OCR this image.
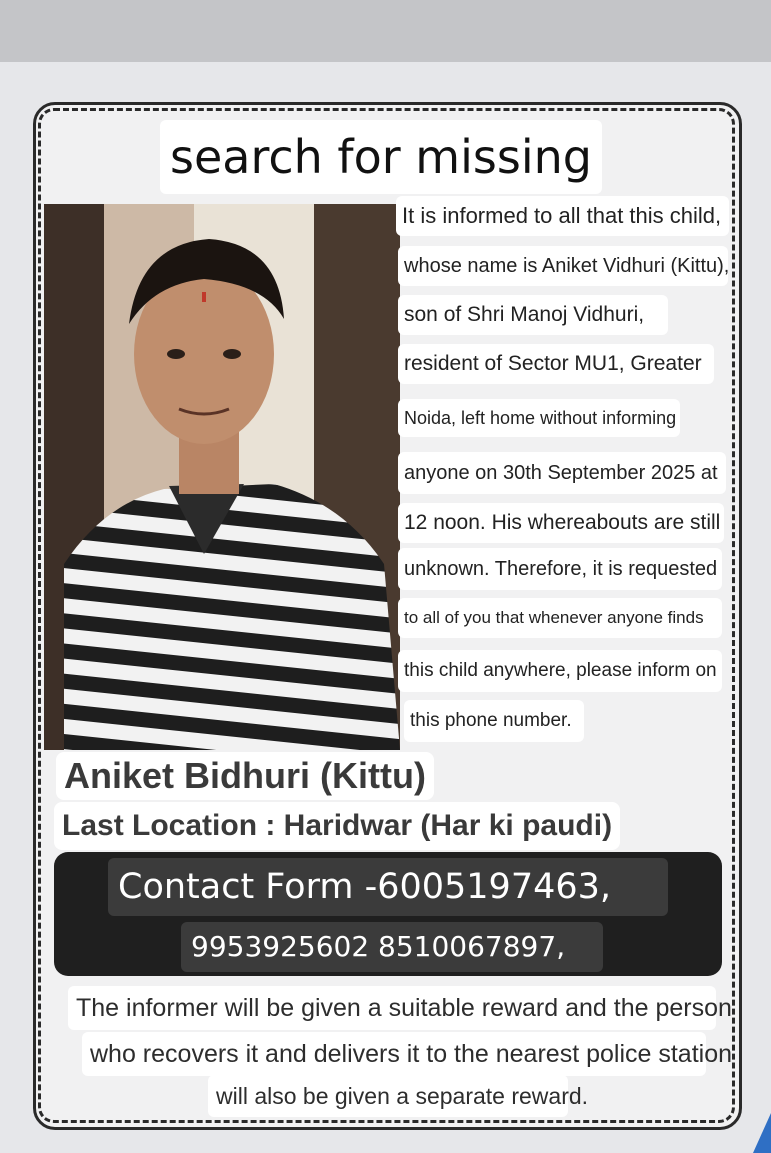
search for missing
It is informed to all that this child,
whose name is Aniket Vidhuri (Kittu),
son of Shri Manoj Vidhuri,
resident of Sector MU1, Greater
Noida, left home without informing
anyone on 30th September 2025 at
12 noon. His whereabouts are still
unknown. Therefore, it is requested
to all of you that whenever anyone finds
this child anywhere, please inform on
this phone number.
Aniket Bidhuri (Kittu)
Last Location : Haridwar (Har ki paudi)
Contact Form -6005197463,
9953925602 8510067897,
The informer will be given a suitable reward and the person
who recovers it and delivers it to the nearest police station
will also be given a separate reward.
